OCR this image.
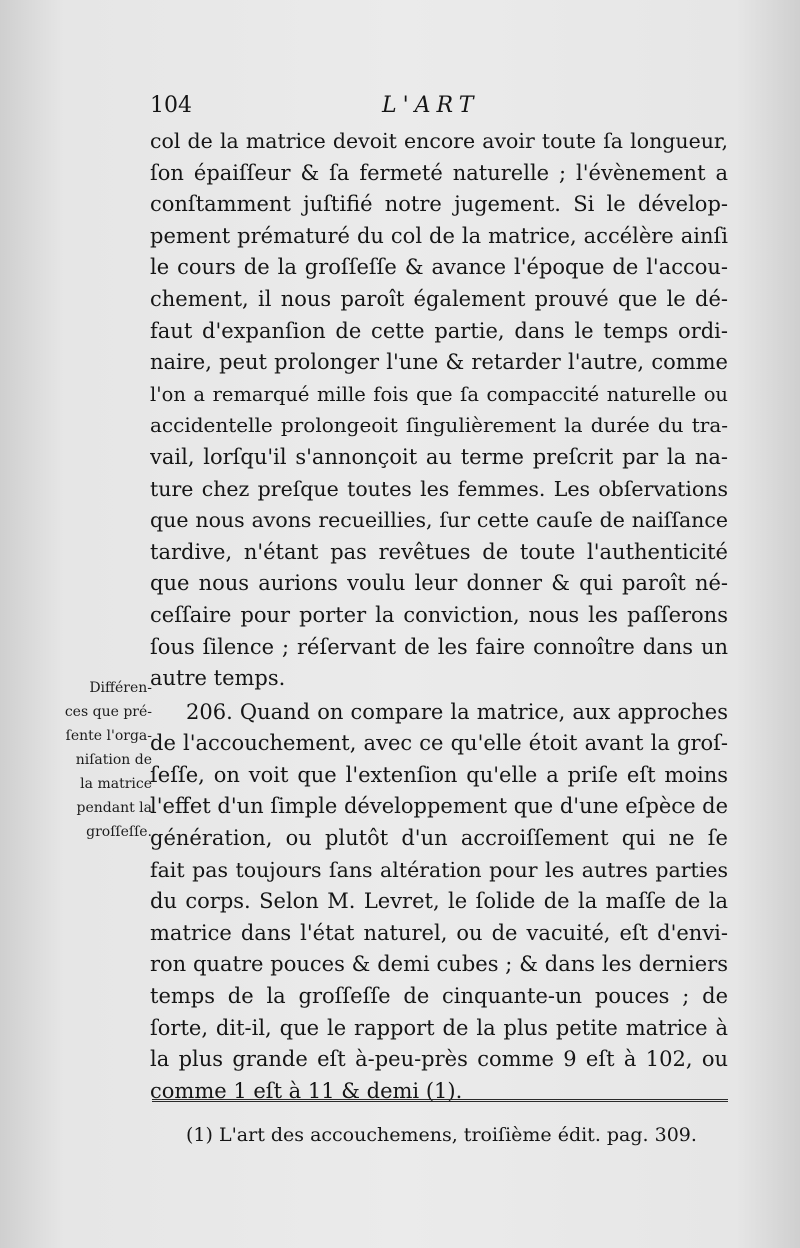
104	L'ART
col de la matrice devoit encore avoir toute ſa longueur,
ſon épaiſſeur & ſa fermeté naturelle ; l'évènement a
conſtamment juſtifié notre jugement. Si le dévelop-
pement prématuré du col de la matrice, accélère ainſi
le cours de la groſſeſſe & avance l'époque de l'accou-
chement, il nous paroît également prouvé que le dé-
faut d'expanſion de cette partie, dans le temps ordi-
naire, peut prolonger l'une & retarder l'autre, comme
l'on a remarqué mille fois que ſa compaccité naturelle ou
accidentelle prolongeoit ſingulièrement la durée du tra-
vail, lorſqu'il s'annonçoit au terme preſcrit par la na-
ture chez preſque toutes les femmes. Les obſervations
que nous avons recueillies, ſur cette cauſe de naiſſance
tardive, n'étant pas revêtues de toute l'authenticité
que nous aurions voulu leur donner & qui paroît né-
ceſſaire pour porter la conviction, nous les paſſerons
ſous ſilence ; réſervant de les faire connoître dans un
autre temps.
206. Quand on compare la matrice, aux approches
de l'accouchement, avec ce qu'elle étoit avant la groſ-
ſeſſe, on voit que l'extenſion qu'elle a priſe eſt moins
l'effet d'un ſimple développement que d'une eſpèce de
génération, ou plutôt d'un accroiſſement qui ne ſe
fait pas toujours ſans altération pour les autres parties
du corps. Selon M. Levret, le ſolide de la maſſe de la
matrice dans l'état naturel, ou de vacuité, eſt d'envi-
ron quatre pouces & demi cubes ; & dans les derniers
temps de la groſſeſſe de cinquante-un pouces ; de
ſorte, dit-il, que le rapport de la plus petite matrice à
la plus grande eſt à-peu-près comme 9 eſt à 102, ou
comme 1 eſt à 11 & demi (1).
Différen-
ces que pré-
ſente l'orga-
niſation de
la matrice
pendant la
groſſeſſe.
(1) L'art des accouchemens, troiſième édit. pag. 309.
